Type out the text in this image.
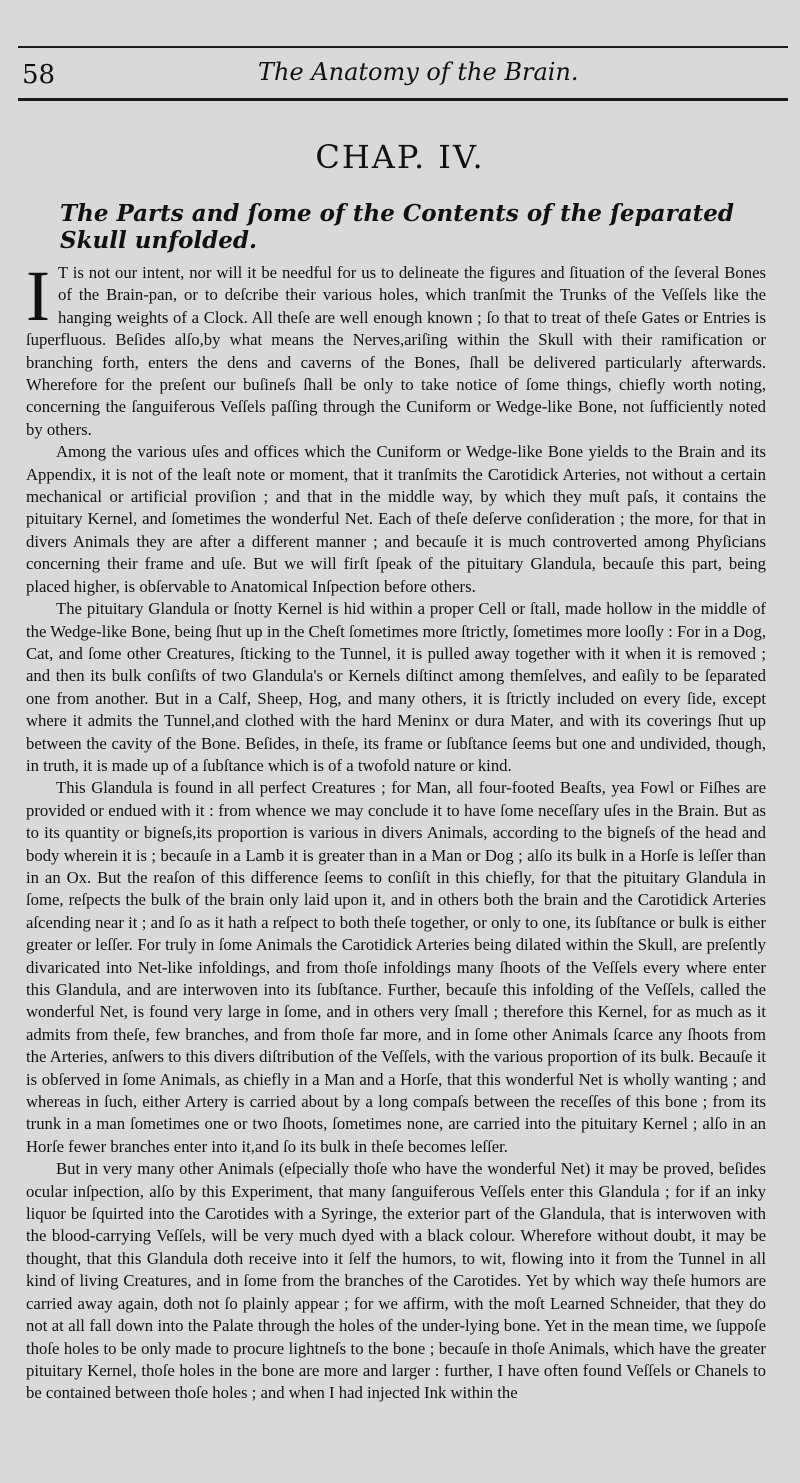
58	The Anatomy of the Brain.
CHAP. IV.
The Parts and ſome of the Contents of the ſeparated Skull unfolded.

I T is not our intent, nor will it be needful for us to delineate the figures and ſituation of the ſeveral Bones of the Brain-pan, or to deſcribe their various holes, which tranſmit the Trunks of the Veſſels like the hanging weights of a Clock. All theſe are well enough known ; ſo that to treat of theſe Gates or Entries is ſuperfluous. Beſides alſo,by what means the Nerves,ariſing within the Skull with their ramification or branching forth, enters the dens and caverns of the Bones, ſhall be delivered particularly afterwards. Wherefore for the preſent our buſineſs ſhall be only to take notice of ſome things, chiefly worth noting, concerning the ſanguiferous Veſſels paſſing through the Cuniform or Wedge-like Bone, not ſufficiently noted by others.

Among the various uſes and offices which the Cuniform or Wedge-like Bone yields to the Brain and its Appendix, it is not of the leaſt note or moment, that it tranſmits the Carotidick Arteries, not without a certain mechanical or artificial proviſion ; and that in the middle way, by which they muſt paſs, it contains the pituitary Kernel, and ſometimes the wonderful Net. Each of theſe deſerve conſideration ; the more, for that in divers Animals they are after a different manner ; and becauſe it is much controverted among Phyſicians concerning their frame and uſe. But we will firſt ſpeak of the pituitary Glandula, becauſe this part, being placed higher, is obſervable to Anatomical Inſpection before others.

The pituitary Glandula or ſnotty Kernel is hid within a proper Cell or ſtall, made hollow in the middle of the Wedge-like Bone, being ſhut up in the Cheſt ſometimes more ſtrictly, ſometimes more looſly : For in a Dog, Cat, and ſome other Creatures, ſticking to the Tunnel, it is pulled away together with it when it is removed ; and then its bulk conſiſts of two Glandula's or Kernels diſtinct among themſelves, and eaſily to be ſeparated one from another. But in a Calf, Sheep, Hog, and many others, it is ſtrictly included on every ſide, except where it admits the Tunnel,and clothed with the hard Meninx or dura Mater, and with its coverings ſhut up between the cavity of the Bone. Beſides, in theſe, its frame or ſubſtance ſeems but one and undivided, though, in truth, it is made up of a ſubſtance which is of a twofold nature or kind.

This Glandula is found in all perfect Creatures ; for Man, all four-footed Beaſts, yea Fowl or Fiſhes are provided or endued with it : from whence we may conclude it to have ſome neceſſary uſes in the Brain. But as to its quantity or bigneſs,its proportion is various in divers Animals, according to the bigneſs of the head and body wherein it is ; becauſe in a Lamb it is greater than in a Man or Dog ; alſo its bulk in a Horſe is leſſer than in an Ox. But the reaſon of this difference ſeems to conſiſt in this chiefly, for that the pituitary Glandula in ſome, reſpects the bulk of the brain only laid upon it, and in others both the brain and the Carotidick Arteries aſcending near it ; and ſo as it hath a reſpect to both theſe together, or only to one, its ſubſtance or bulk is either greater or leſſer. For truly in ſome Animals the Carotidick Arteries being dilated within the Skull, are preſently divaricated into Net-like infoldings, and from thoſe infoldings many ſhoots of the Veſſels every where enter this Glandula, and are interwoven into its ſubſtance. Further, becauſe this infolding of the Veſſels, called the wonderful Net, is found very large in ſome, and in others very ſmall ; therefore this Kernel, for as much as it admits from theſe, few branches, and from thoſe far more, and in ſome other Animals ſcarce any ſhoots from the Arteries, anſwers to this divers diſtribution of the Veſſels, with the various proportion of its bulk. Becauſe it is obſerved in ſome Animals, as chiefly in a Man and a Horſe, that this wonderful Net is wholly wanting ; and whereas in ſuch, either Artery is carried about by a long compaſs between the receſſes of this bone ; from its trunk in a man ſometimes one or two ſhoots, ſometimes none, are carried into the pituitary Kernel ; alſo in an Horſe fewer branches enter into it,and ſo its bulk in theſe becomes leſſer.

But in very many other Animals (eſpecially thoſe who have the wonderful Net) it may be proved, beſides ocular inſpection, alſo by this Experiment, that many ſanguiferous Veſſels enter this Glandula ; for if an inky liquor be ſquirted into the Carotides with a Syringe, the exterior part of the Glandula, that is interwoven with the blood-carrying Veſſels, will be very much dyed with a black colour. Wherefore without doubt, it may be thought, that this Glandula doth receive into it ſelf the humors, to wit, flowing into it from the Tunnel in all kind of living Creatures, and in ſome from the branches of the Carotides. Yet by which way theſe humors are carried away again, doth not ſo plainly appear ; for we affirm, with the moſt Learned Schneider, that they do not at all fall down into the Palate through the holes of the under-lying bone. Yet in the mean time, we ſuppoſe thoſe holes to be only made to procure lightneſs to the bone ; becauſe in thoſe Animals, which have the greater pituitary Kernel, thoſe holes in the bone are more and larger : further, I have often found Veſſels or Chanels to be contained between thoſe holes ; and when I had injected Ink within the
